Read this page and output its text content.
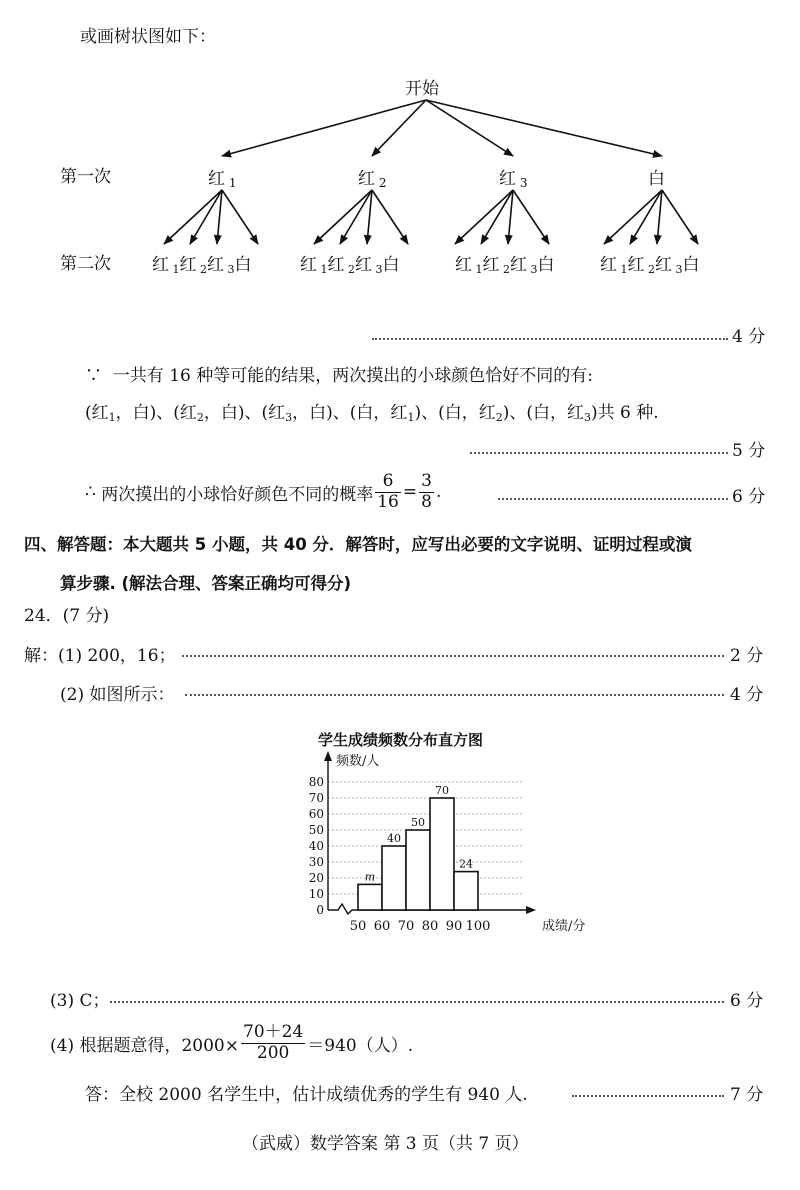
或画树状图如下：
开始
第一次
第二次
红 $_1$	红 $_2$	红 $_3$	白
红 $_1$红 $_2$红 $_3$白	红 $_1$红 $_2$红 $_3$白	红 $_1$红 $_2$红 $_3$白	红 $_1$红 $_2$红 $_3$白
4 分
∵ 一共有 16 种等可能的结果，两次摸出的小球颜色恰好不同的有:
(红$_1$，白)、(红$_2$，白)、(红$_3$，白)、(白，红$_1$)、(白，红$_2$)、(白，红$_3$)共 6 种.
5 分
∴
两次摸出的小球恰好颜色不同的概率 $\frac{6}{16} = \frac{3}{8}$ .	6 分
四、解答题：本大题共 5 小题，共 40 分．解答时，应写出必要的文字说明、证明过程或演
算步骤. (解法合理、答案正确均可得分)
24．(7 分)
解：(1) 200，16；	2 分
(2) 如图所示：	4 分
学生成绩频数分布直方图
0
10
20
30
40
50
60
70
80
m
40
50
70
24
50 60 70 80 90 100
频数/人
成绩/分
(3) C；	6 分
(4) 根据题意得，$2000\times \frac{70+24}{200} =940$（人）.
答：全校 2000 名学生中，估计成绩优秀的学生有 940 人.	7 分
（武威）数学答案 第 3 页（共 7 页）
